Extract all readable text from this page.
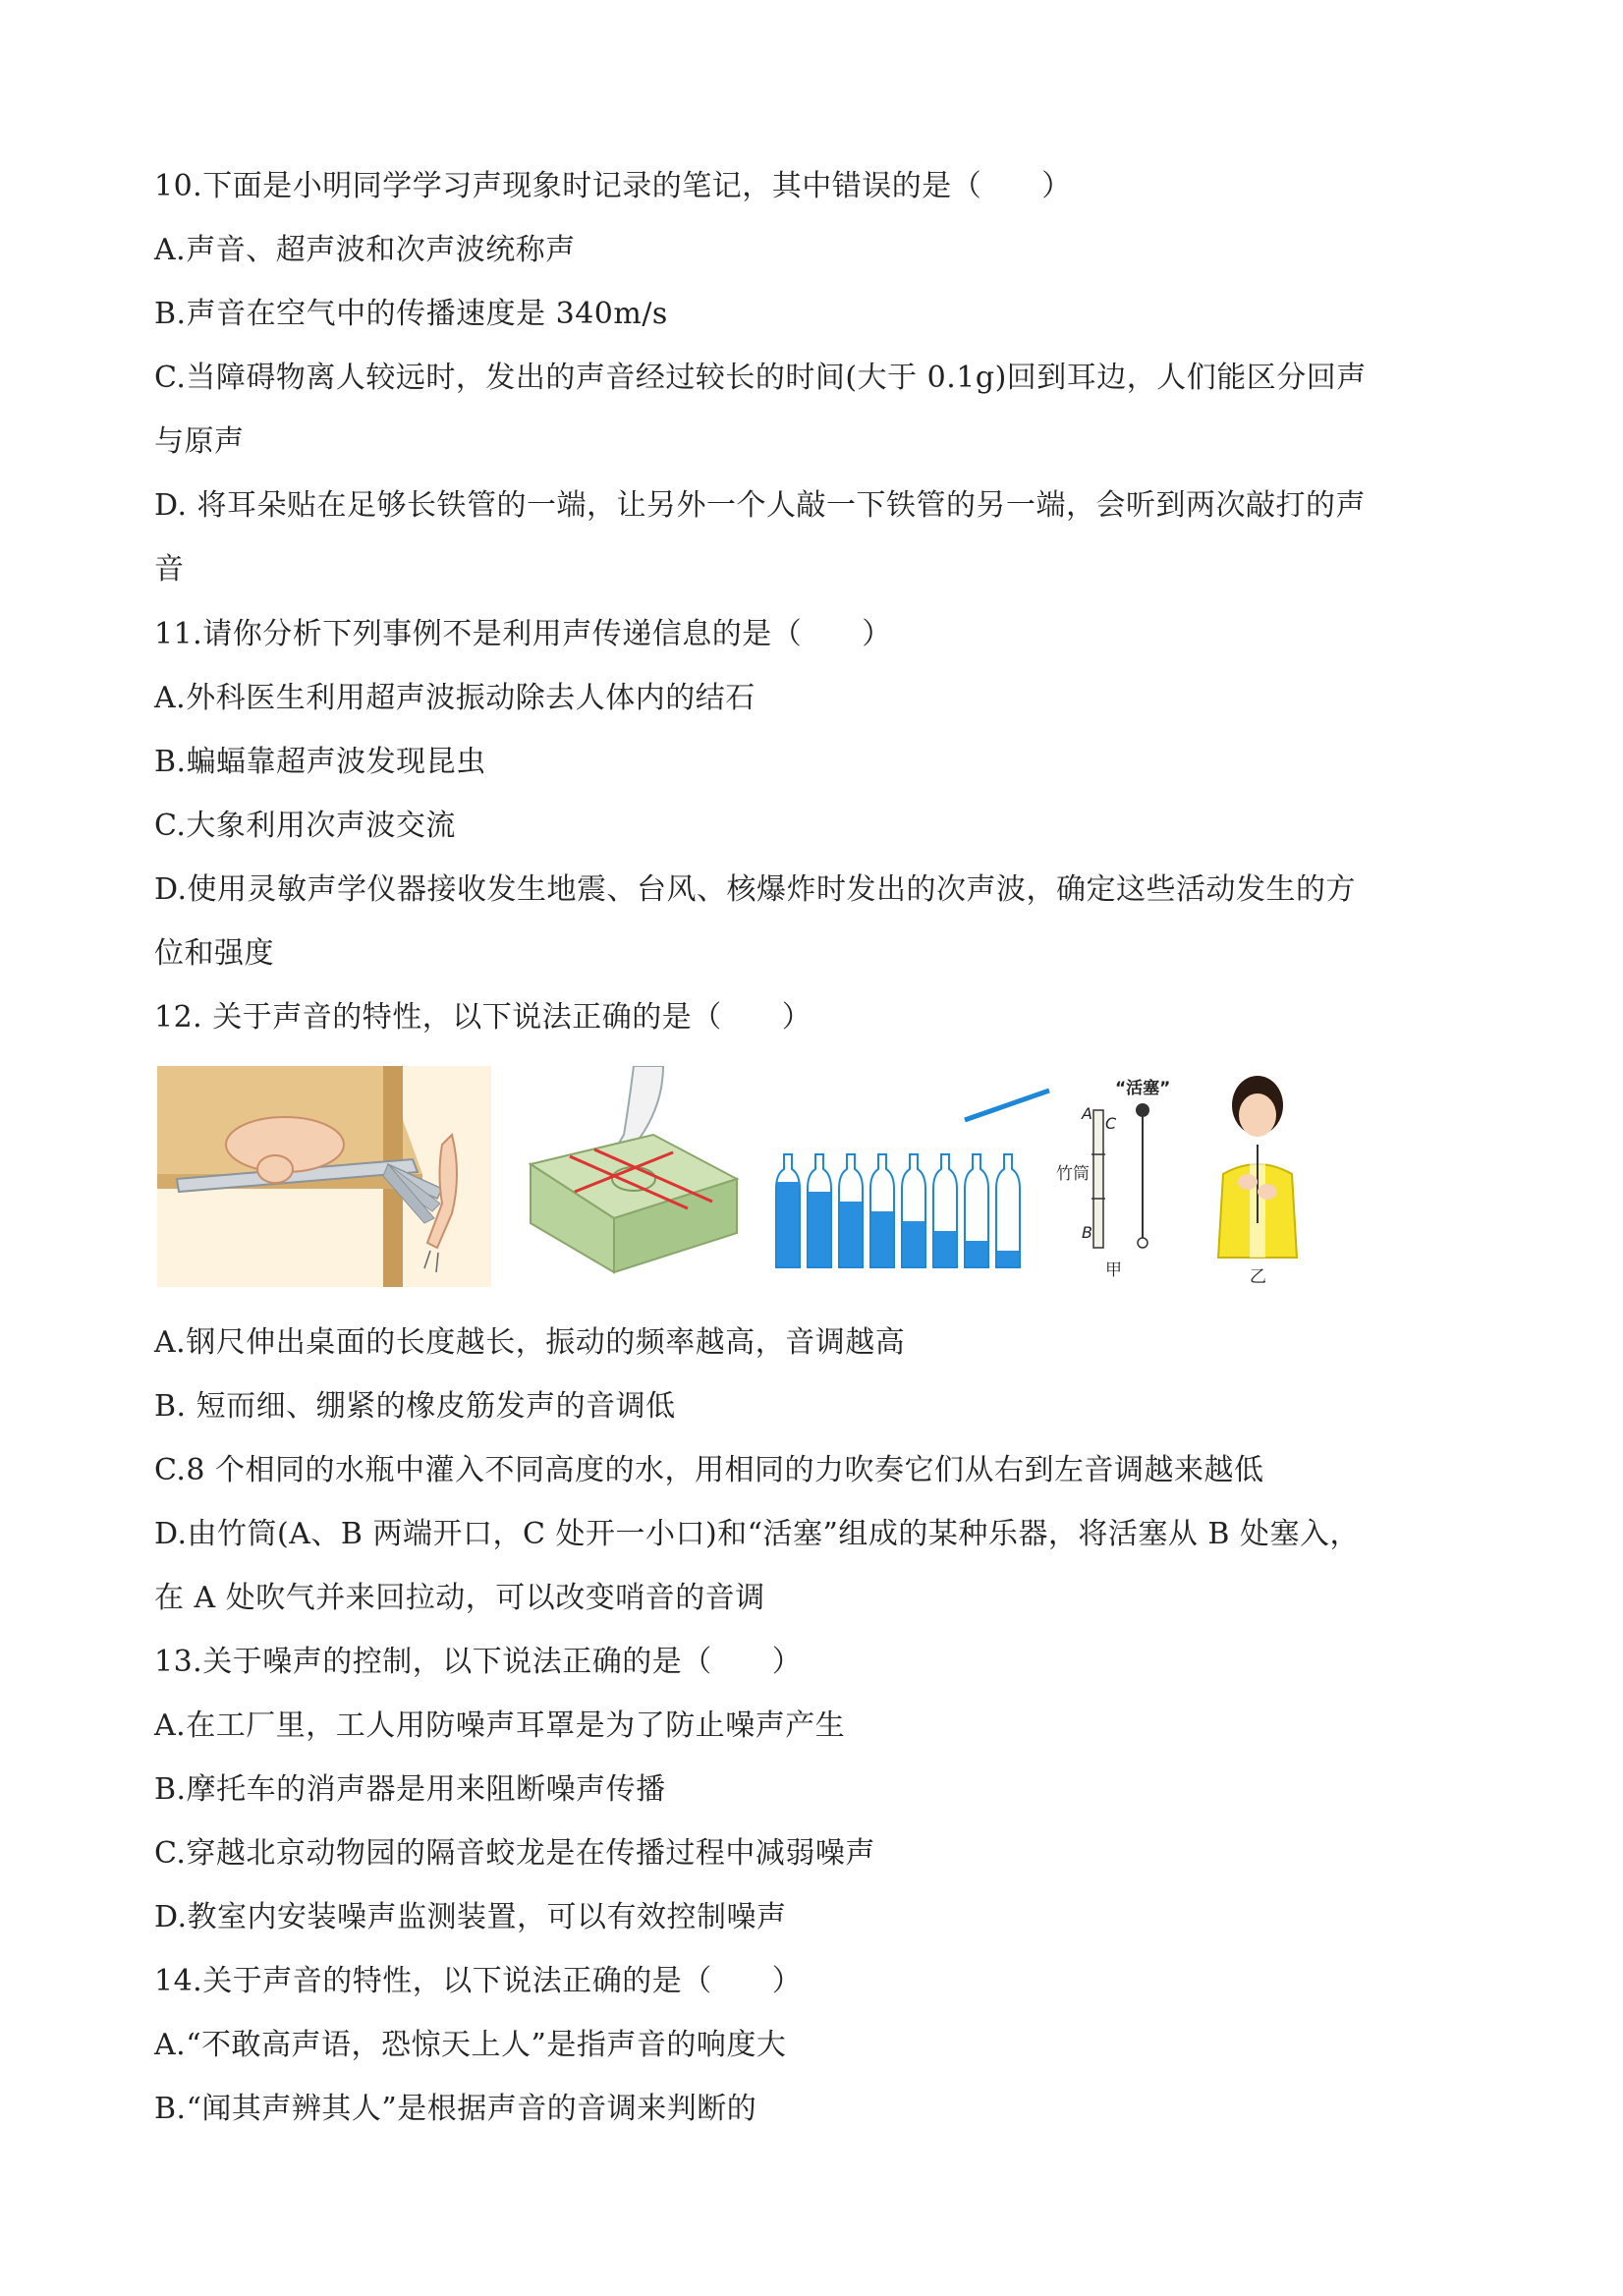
10.下面是小明同学学习声现象时记录的笔记，其中错误的是（　　）
A.声音、超声波和次声波统称声
B.声音在空气中的传播速度是 340m/s
C.当障碍物离人较远时，发出的声音经过较长的时间(大于 0.1g)回到耳边，人们能区分回声
与原声
D. 将耳朵贴在足够长铁管的一端，让另外一个人敲一下铁管的另一端，会听到两次敲打的声
音
11.请你分析下列事例不是利用声传递信息的是（　　）
A.外科医生利用超声波振动除去人体内的结石
B.蝙蝠靠超声波发现昆虫
C.大象利用次声波交流
D.使用灵敏声学仪器接收发生地震、台风、核爆炸时发出的次声波，确定这些活动发生的方
位和强度
12. 关于声音的特性，以下说法正确的是（　　）
“活塞”
A
C
竹筒
B
甲	乙
A.钢尺伸出桌面的长度越长，振动的频率越高，音调越高
B. 短而细、绷紧的橡皮筋发声的音调低
C.8 个相同的水瓶中灌入不同高度的水，用相同的力吹奏它们从右到左音调越来越低
D.由竹筒(A、B 两端开口，C 处开一小口)和“活塞”组成的某种乐器，将活塞从 B 处塞入，
在 A 处吹气并来回拉动，可以改变哨音的音调
13.关于噪声的控制，以下说法正确的是（　　）
A.在工厂里，工人用防噪声耳罩是为了防止噪声产生
B.摩托车的消声器是用来阻断噪声传播
C.穿越北京动物园的隔音蛟龙是在传播过程中减弱噪声
D.教室内安装噪声监测装置，可以有效控制噪声
14.关于声音的特性，以下说法正确的是（　　）
A.“不敢高声语，恐惊天上人”是指声音的响度大
B.“闻其声辨其人”是根据声音的音调来判断的
